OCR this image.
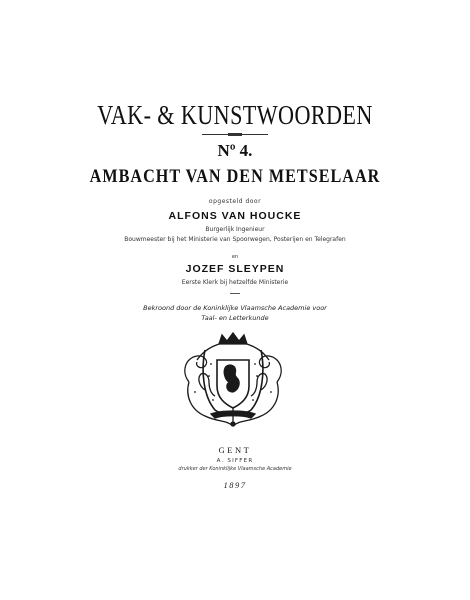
VAK- & KUNSTWOORDEN
Nº 4.
AMBACHT VAN DEN METSELAAR
opgesteld door
ALFONS VAN HOUCKE
Burgerlijk Ingenieur
Bouwmeester bij het Ministerie van Spoorwegen, Posterijen en Telegrafen
en
JOZEF SLEYPEN
Eerste Klerk bij hetzelfde Ministerie
Bekroond door de Koninklijke Vlaamsche Academie voor
Taal- en Letterkunde
GENT
A. SIFFER
drukker der Koninklijke Vlaamsche Academie
1897
